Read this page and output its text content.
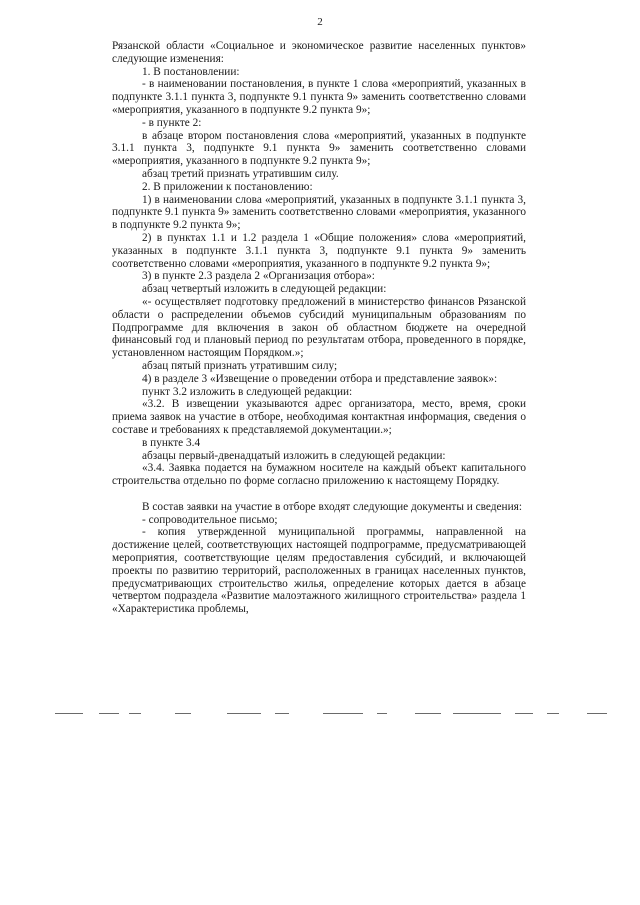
2

Рязанской области «Социальное и экономическое развитие населенных пунктов» следующие изменения:

1. В постановлении:

- в наименовании постановления, в пункте 1 слова «мероприятий, указанных в подпункте 3.1.1 пункта 3, подпункте 9.1 пункта 9» заменить соответственно словами «мероприятия, указанного в подпункте 9.2 пункта 9»;

- в пункте 2:

в абзаце втором постановления слова «мероприятий, указанных в подпункте 3.1.1 пункта 3, подпункте 9.1 пункта 9» заменить соответственно словами «мероприятия, указанного в подпункте 9.2 пункта 9»;

абзац третий признать утратившим силу.

2. В приложении к постановлению:

1) в наименовании слова «мероприятий, указанных в подпункте 3.1.1 пункта 3, подпункте 9.1 пункта 9» заменить соответственно словами «мероприятия, указанного в подпункте 9.2 пункта 9»;

2) в пунктах 1.1 и 1.2 раздела 1 «Общие положения» слова «мероприятий, указанных в подпункте 3.1.1 пункта 3, подпункте 9.1 пункта 9» заменить соответственно словами «мероприятия, указанного в подпункте 9.2 пункта 9»;

3) в пункте 2.3 раздела 2 «Организация отбора»:

абзац четвертый изложить в следующей редакции:

«- осуществляет подготовку предложений в министерство финансов Рязанской области о распределении объемов субсидий муниципальным образованиям по Подпрограмме для включения в закон об областном бюджете на очередной финансовый год и плановый период по результатам отбора, проведенного в порядке, установленном настоящим Порядком.»;

абзац пятый признать утратившим силу;

4) в разделе 3 «Извещение о проведении отбора и представление заявок»:

пункт 3.2 изложить в следующей редакции:

«3.2. В извещении указываются адрес организатора, место, время, сроки приема заявок на участие в отборе, необходимая контактная информация, сведения о составе и требованиях к представляемой документации.»;

в пункте 3.4

абзацы первый-двенадцатый изложить в следующей редакции:

«3.4. Заявка подается на бумажном носителе на каждый объект капитального строительства отдельно по форме согласно приложению к настоящему Порядку.

В состав заявки на участие в отборе входят следующие документы и сведения:

- сопроводительное письмо;

- копия утвержденной муниципальной программы, направленной на достижение целей, соответствующих настоящей подпрограмме, предусматривающей мероприятия, соответствующие целям предоставления субсидий, и включающей проекты по развитию территорий, расположенных в границах населенных пунктов, предусматривающих строительство жилья, определение которых дается в абзаце четвертом подраздела «Развитие малоэтажного жилищного строительства» раздела 1 «Характеристика проблемы,
